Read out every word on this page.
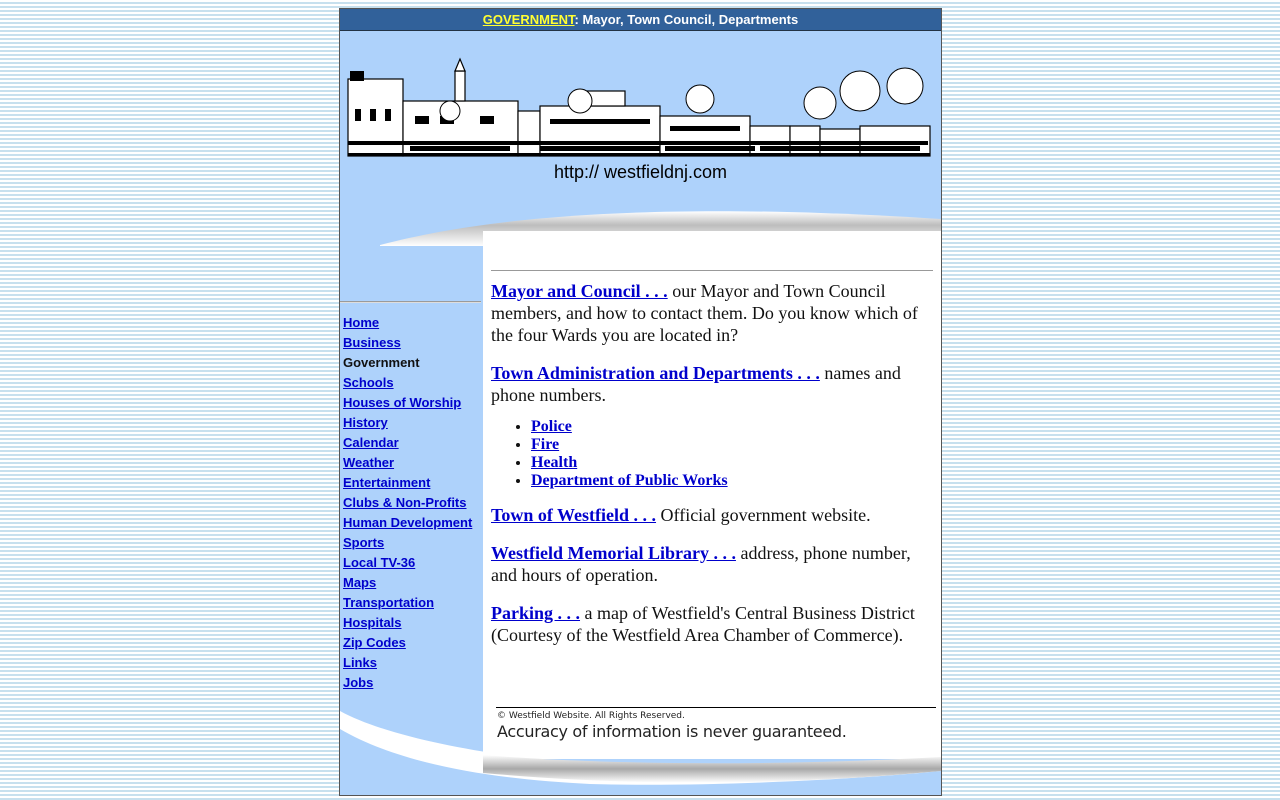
GOVERNMENT: Mayor, Town Council, Departments
http:// westfieldnj.com
Home
Business
Government
Schools
Houses of Worship
History
Calendar
Weather
Entertainment
Clubs & Non-Profits
Human Development
Sports
Local TV-36
Maps
Transportation
Hospitals
Zip Codes
Links
Jobs

Mayor and Council . . . our Mayor and Town Council members, and how to contact them. Do you know which of the four Wards you are located in?

Town Administration and Departments . . . names and phone numbers.

• Police
• Fire
• Health
• Department of Public Works

Town of Westfield . . . Official government website.

Westfield Memorial Library . . . address, phone number, and hours of operation.

Parking . . . a map of Westfield's Central Business District (Courtesy of the Westfield Area Chamber of Commerce).

© Westfield Website. All Rights Reserved.
Accuracy of information is never guaranteed.
